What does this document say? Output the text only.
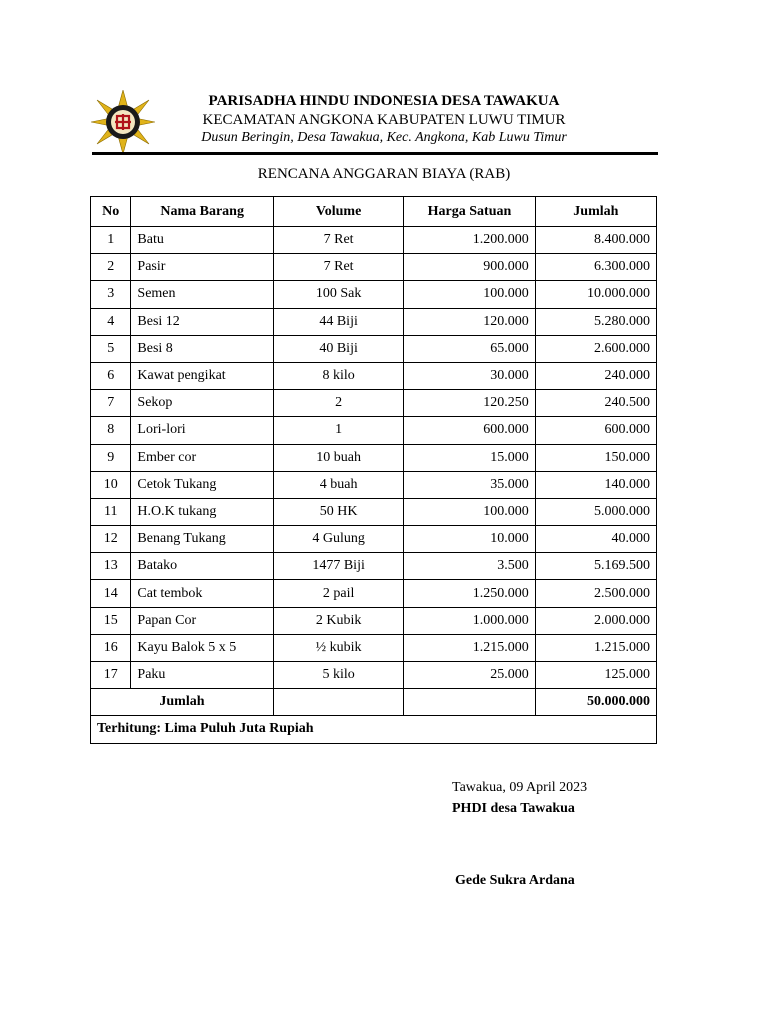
PARISADHA HINDU INDONESIA DESA TAWAKUA
KECAMATAN ANGKONA KABUPATEN LUWU TIMUR
Dusun Beringin, Desa Tawakua, Kec. Angkona, Kab Luwu Timur
RENCANA ANGGARAN BIAYA (RAB)
No	Nama Barang	Volume	Harga Satuan	Jumlah
1	Batu	7 Ret	1.200.000	8.400.000
2	Pasir	7 Ret	900.000	6.300.000
3	Semen	100 Sak	100.000	10.000.000
4	Besi 12	44 Biji	120.000	5.280.000
5	Besi 8	40 Biji	65.000	2.600.000
6	Kawat pengikat	8 kilo	30.000	240.000
7	Sekop	2	120.250	240.500
8	Lori-lori	1	600.000	600.000
9	Ember cor	10 buah	15.000	150.000
10	Cetok Tukang	4 buah	35.000	140.000
11	H.O.K tukang	50 HK	100.000	5.000.000
12	Benang Tukang	4 Gulung	10.000	40.000
13	Batako	1477 Biji	3.500	5.169.500
14	Cat tembok	2 pail	1.250.000	2.500.000
15	Papan Cor	2 Kubik	1.000.000	2.000.000
16	Kayu Balok 5 x 5	½ kubik	1.215.000	1.215.000
17	Paku	5 kilo	25.000	125.000
Jumlah				50.000.000
Terhitung: Lima Puluh Juta Rupiah				
Tawakua, 09 April 2023
PHDI desa Tawakua
Gede Sukra Ardana
